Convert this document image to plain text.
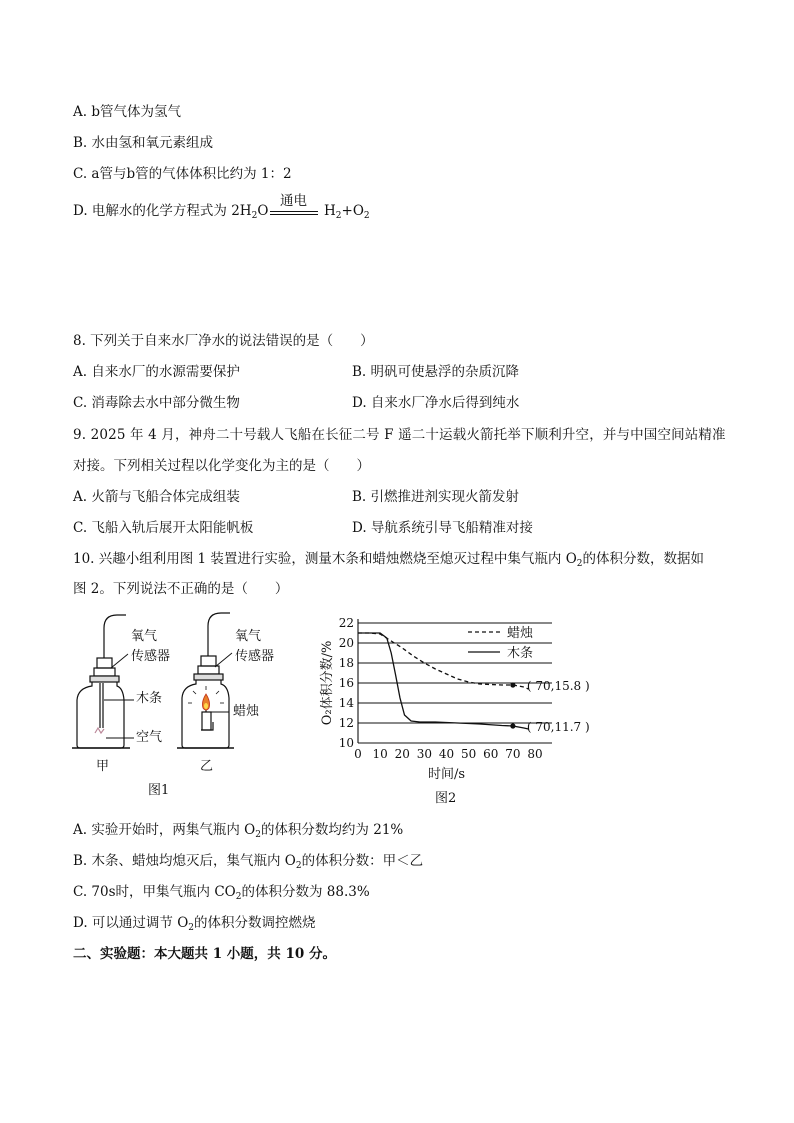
A. b管气体为氢气
B. 水由氢和氧元素组成
C. a管与b管的气体体积比约为 1：2
D. 电解水的化学方程式为 $2H_2O$
通电
$H_2+O_2$
8. 下列关于自来水厂净水的说法错误的是（　　）
A. 自来水厂的水源需要保护	B. 明矾可使悬浮的杂质沉降
C. 消毒除去水中部分微生物	D. 自来水厂净水后得到纯水
9. 2025 年 4 月，神舟二十号载人飞船在长征二号 F 遥二十运载火箭托举下顺利升空，并与中国空间站精准
对接。下列相关过程以化学变化为主的是（　　）
A. 火箭与飞船合体完成组装	B. 引燃推进剂实现火箭发射
C. 飞船入轨后展开太阳能帆板	D. 导航系统引导飞船精准对接
10. 兴趣小组利用图 1 装置进行实验，测量木条和蜡烛燃烧至熄灭过程中集气瓶内 $O_2$的体积分数，数据如
图 2。下列说法不正确的是（　　）
10
12
14
16
18
20
22
0 10 20 30 40 50 60 70 80
时间/s
O₂体积分数/%
蜡烛
木条
( 70,15.8 )
( 70,11.7 )
氧气
传感器
氧气
传感器
木条
空气
蜡烛
甲	乙
图1
图2
A. 实验开始时，两集气瓶内 $O_2$的体积分数均约为 21%
B. 木条、蜡烛均熄灭后，集气瓶内 $O_2$的体积分数：甲＜乙
C. 70s时，甲集气瓶内 $CO_2$的体积分数为 88.3%
D. 可以通过调节 $O_2$的体积分数调控燃烧
二、实验题：本大题共 1 小题，共 10 分。
